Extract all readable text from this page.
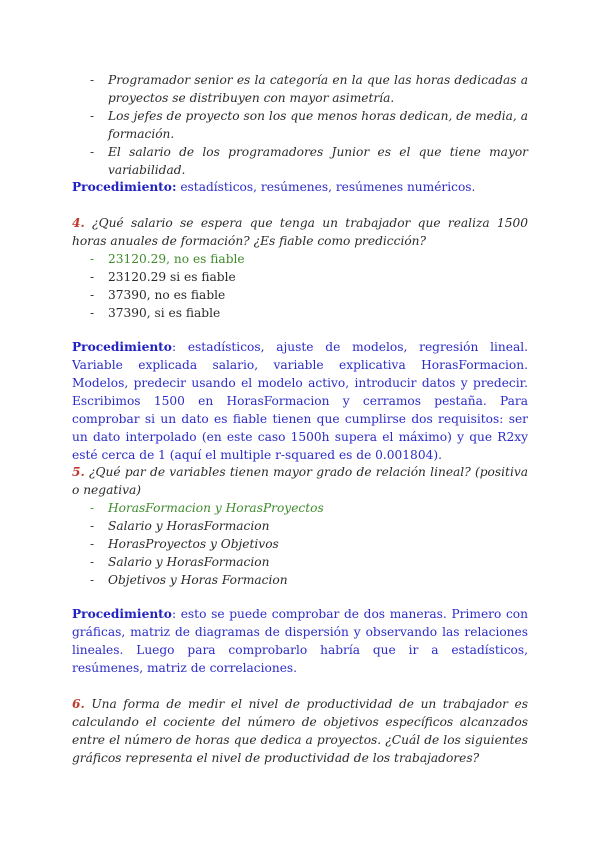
- Programador senior es la categoría en la que las horas dedicadas a proyectos se distribuyen con mayor asimetría.
- Los jefes de proyecto son los que menos horas dedican, de media, a formación.
- El salario de los programadores Junior es el que tiene mayor variabilidad.
Procedimiento: estadísticos, resúmenes, resúmenes numéricos.
4. ¿Qué salario se espera que tenga un trabajador que realiza 1500 horas anuales de formación? ¿Es fiable como predicción?
- 23120.29, no es fiable
- 23120.29 si es fiable
- 37390, no es fiable
- 37390, si es fiable
Procedimiento: estadísticos, ajuste de modelos, regresión lineal. Variable explicada salario, variable explicativa HorasFormacion. Modelos, predecir usando el modelo activo, introducir datos y predecir. Escribimos 1500 en HorasFormacion y cerramos pestaña. Para comprobar si un dato es fiable tienen que cumplirse dos requisitos: ser un dato interpolado (en este caso 1500h supera el máximo) y que R2xy esté cerca de 1 (aquí el multiple r-squared es de 0.001804).
5. ¿Qué par de variables tienen mayor grado de relación lineal? (positiva o negativa)
- HorasFormacion y HorasProyectos
- Salario y HorasFormacion
- HorasProyectos y Objetivos
- Salario y HorasFormacion
- Objetivos y Horas Formacion
Procedimiento: esto se puede comprobar de dos maneras. Primero con gráficas, matriz de diagramas de dispersión y observando las relaciones lineales. Luego para comprobarlo habría que ir a estadísticos, resúmenes, matriz de correlaciones.
6. Una forma de medir el nivel de productividad de un trabajador es calculando el cociente del número de objetivos específicos alcanzados entre el número de horas que dedica a proyectos. ¿Cuál de los siguientes gráficos representa el nivel de productividad de los trabajadores?
